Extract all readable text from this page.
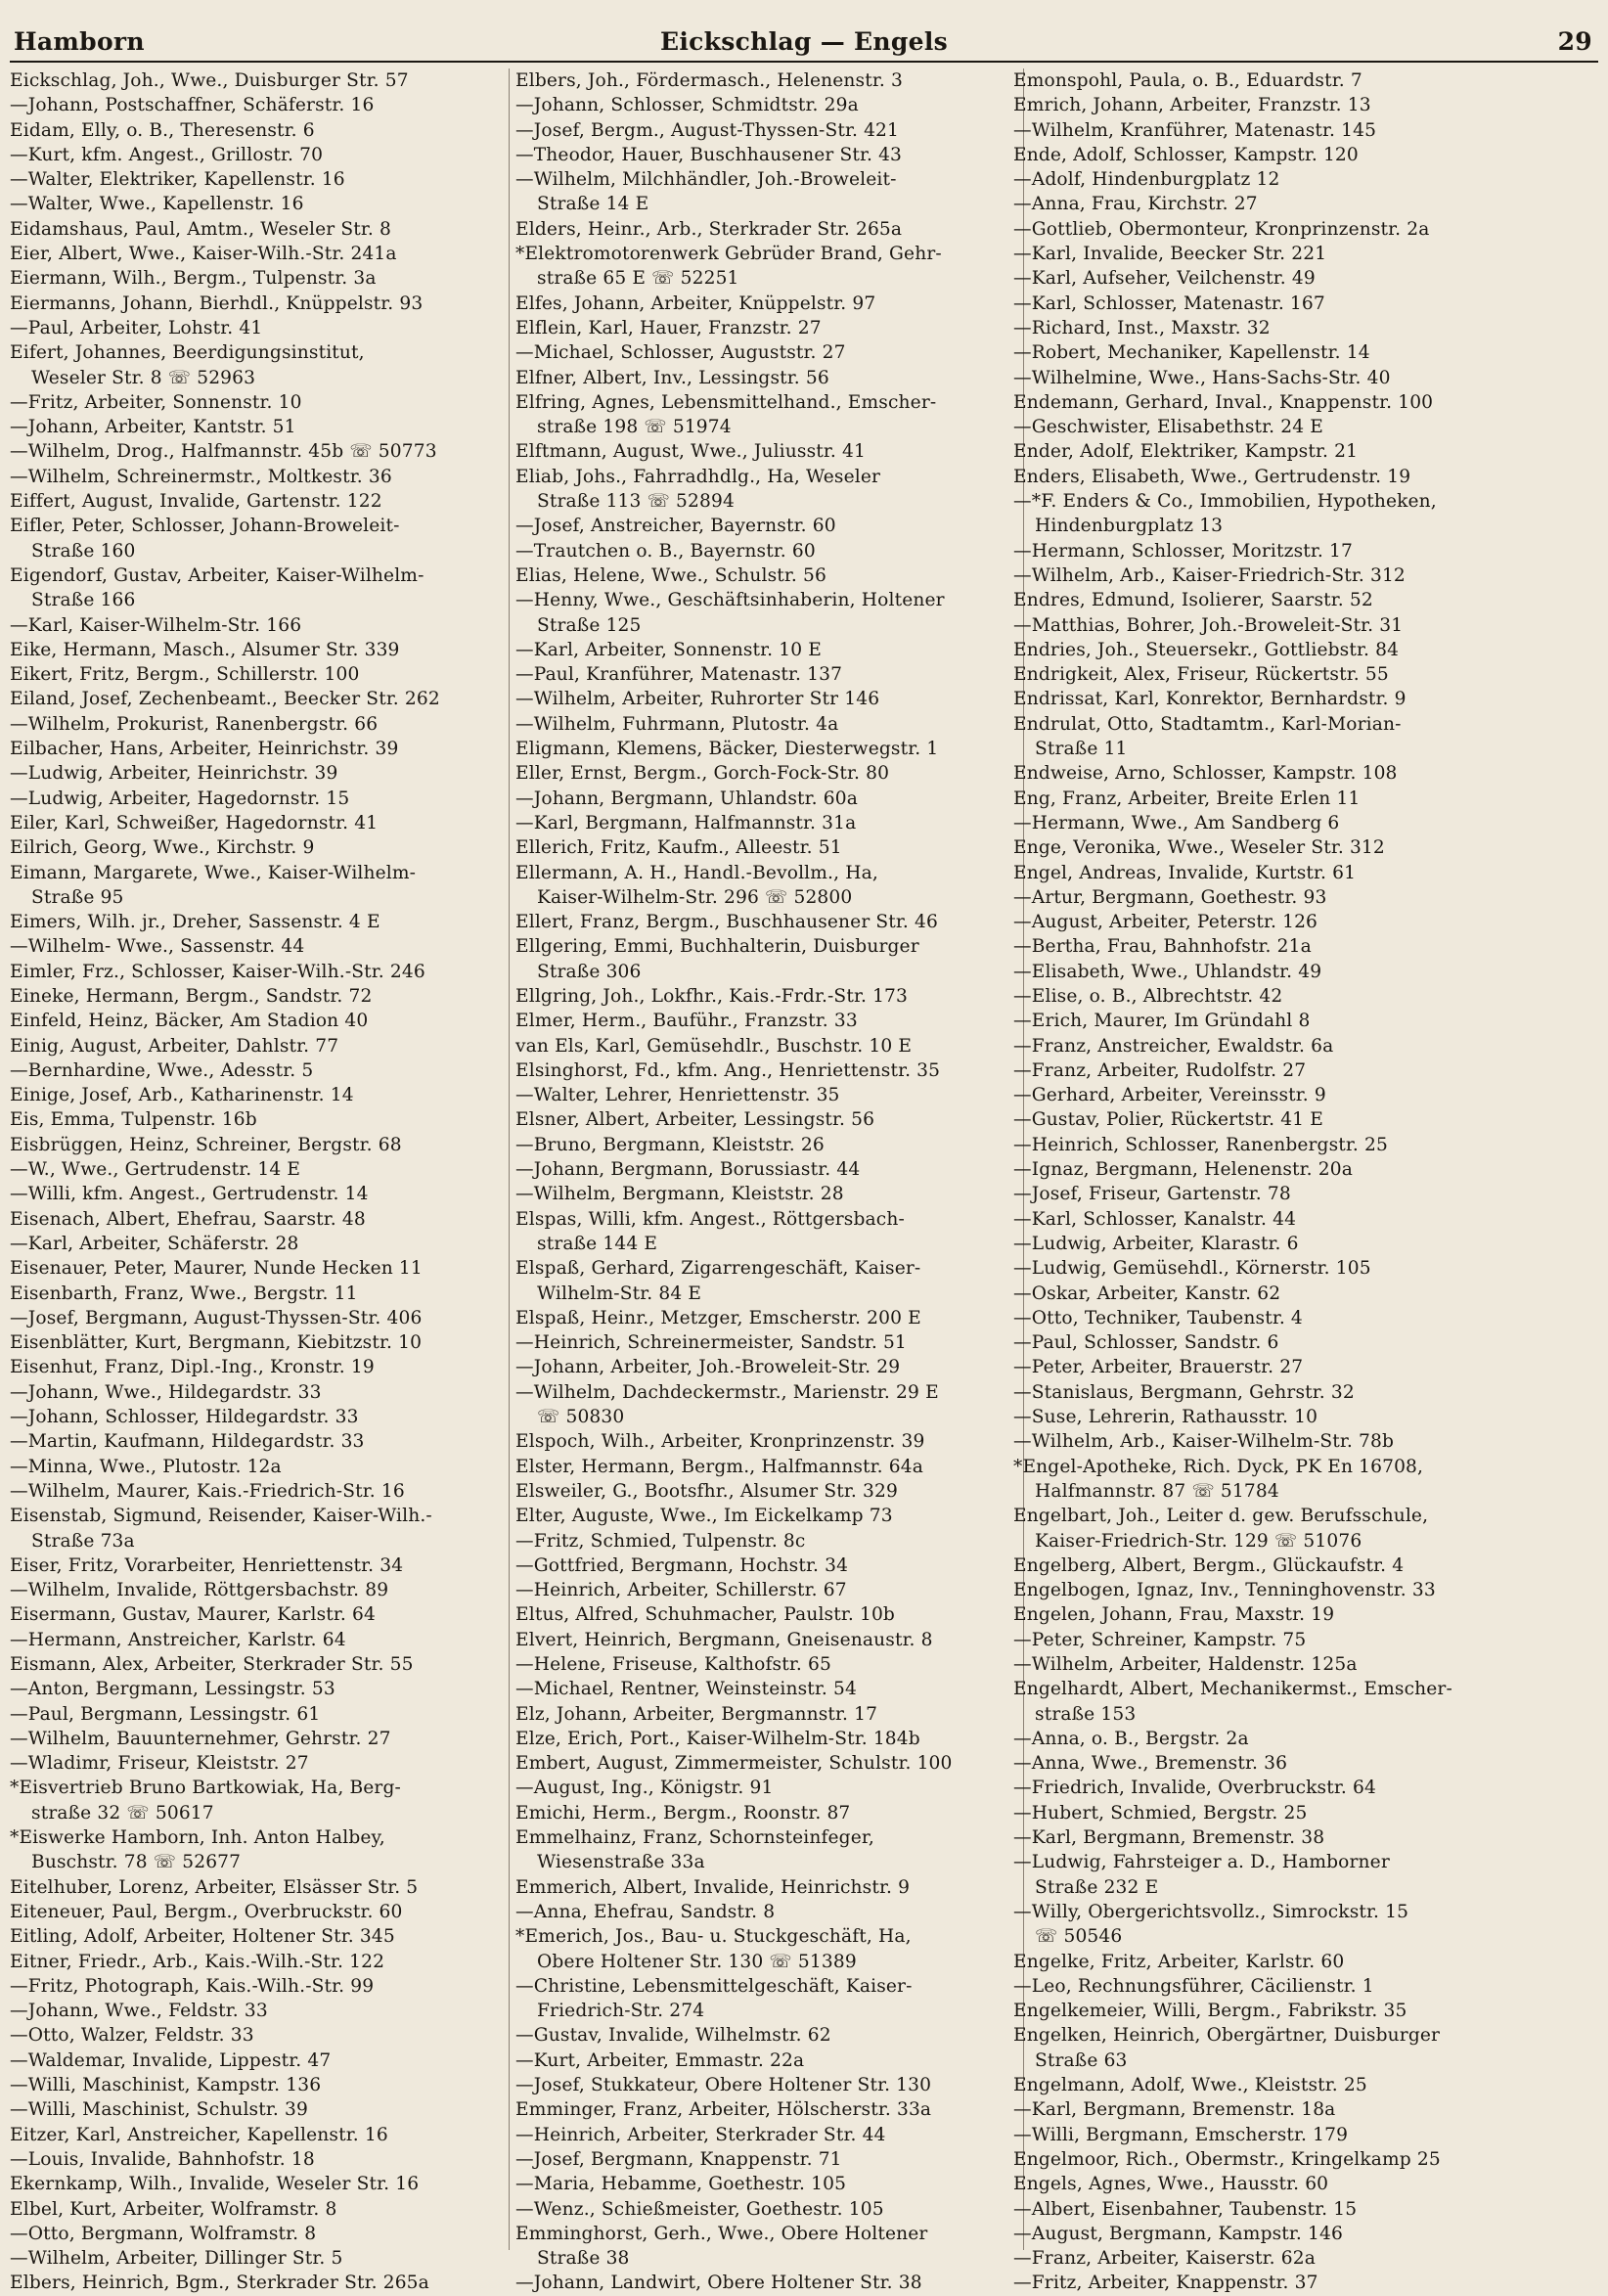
Hamborn	Eickschlag — Engels	29
Eickschlag, Joh., Wwe., Duisburger Str. 57
—Johann, Postschaffner, Schäferstr. 16
Eidam, Elly, o. B., Theresenstr. 6
—Kurt, kfm. Angest., Grillostr. 70
—Walter, Elektriker, Kapellenstr. 16
—Walter, Wwe., Kapellenstr. 16
Eidamshaus, Paul, Amtm., Weseler Str. 8
Eier, Albert, Wwe., Kaiser-Wilh.-Str. 241a
Eiermann, Wilh., Bergm., Tulpenstr. 3a
Eiermanns, Johann, Bierhdl., Knüppelstr. 93
—Paul, Arbeiter, Lohstr. 41
Eifert, Johannes, Beerdigungsinstitut,
Weseler Str. 8 ☏ 52963
—Fritz, Arbeiter, Sonnenstr. 10
—Johann, Arbeiter, Kantstr. 51
—Wilhelm, Drog., Halfmannstr. 45b ☏ 50773
—Wilhelm, Schreinermstr., Moltkestr. 36
Eiffert, August, Invalide, Gartenstr. 122
Eifler, Peter, Schlosser, Johann-Broweleit-
Straße 160
Eigendorf, Gustav, Arbeiter, Kaiser-Wilhelm-
Straße 166
—Karl, Kaiser-Wilhelm-Str. 166
Eike, Hermann, Masch., Alsumer Str. 339
Eikert, Fritz, Bergm., Schillerstr. 100
Eiland, Josef, Zechenbeamt., Beecker Str. 262
—Wilhelm, Prokurist, Ranenbergstr. 66
Eilbacher, Hans, Arbeiter, Heinrichstr. 39
—Ludwig, Arbeiter, Heinrichstr. 39
—Ludwig, Arbeiter, Hagedornstr. 15
Eiler, Karl, Schweißer, Hagedornstr. 41
Eilrich, Georg, Wwe., Kirchstr. 9
Eimann, Margarete, Wwe., Kaiser-Wilhelm-
Straße 95
Eimers, Wilh. jr., Dreher, Sassenstr. 4 E
—Wilhelm- Wwe., Sassenstr. 44
Eimler, Frz., Schlosser, Kaiser-Wilh.-Str. 246
Eineke, Hermann, Bergm., Sandstr. 72
Einfeld, Heinz, Bäcker, Am Stadion 40
Einig, August, Arbeiter, Dahlstr. 77
—Bernhardine, Wwe., Adesstr. 5
Einige, Josef, Arb., Katharinenstr. 14
Eis, Emma, Tulpenstr. 16b
Eisbrüggen, Heinz, Schreiner, Bergstr. 68
—W., Wwe., Gertrudenstr. 14 E
—Willi, kfm. Angest., Gertrudenstr. 14
Eisenach, Albert, Ehefrau, Saarstr. 48
—Karl, Arbeiter, Schäferstr. 28
Eisenauer, Peter, Maurer, Nunde Hecken 11
Eisenbarth, Franz, Wwe., Bergstr. 11
—Josef, Bergmann, August-Thyssen-Str. 406
Eisenblätter, Kurt, Bergmann, Kiebitzstr. 10
Eisenhut, Franz, Dipl.-Ing., Kronstr. 19
—Johann, Wwe., Hildegardstr. 33
—Johann, Schlosser, Hildegardstr. 33
—Martin, Kaufmann, Hildegardstr. 33
—Minna, Wwe., Plutostr. 12a
—Wilhelm, Maurer, Kais.-Friedrich-Str. 16
Eisenstab, Sigmund, Reisender, Kaiser-Wilh.-
Straße 73a
Eiser, Fritz, Vorarbeiter, Henriettenstr. 34
—Wilhelm, Invalide, Röttgersbachstr. 89
Eisermann, Gustav, Maurer, Karlstr. 64
—Hermann, Anstreicher, Karlstr. 64
Eismann, Alex, Arbeiter, Sterkrader Str. 55
—Anton, Bergmann, Lessingstr. 53
—Paul, Bergmann, Lessingstr. 61
—Wilhelm, Bauunternehmer, Gehrstr. 27
—Wladimr, Friseur, Kleiststr. 27
*Eisvertrieb Bruno Bartkowiak, Ha, Berg-
straße 32 ☏ 50617
*Eiswerke Hamborn, Inh. Anton Halbey,
Buschstr. 78 ☏ 52677
Eitelhuber, Lorenz, Arbeiter, Elsässer Str. 5
Eiteneuer, Paul, Bergm., Overbruckstr. 60
Eitling, Adolf, Arbeiter, Holtener Str. 345
Eitner, Friedr., Arb., Kais.-Wilh.-Str. 122
—Fritz, Photograph, Kais.-Wilh.-Str. 99
—Johann, Wwe., Feldstr. 33
—Otto, Walzer, Feldstr. 33
—Waldemar, Invalide, Lippestr. 47
—Willi, Maschinist, Kampstr. 136
—Willi, Maschinist, Schulstr. 39
Eitzer, Karl, Anstreicher, Kapellenstr. 16
—Louis, Invalide, Bahnhofstr. 18
Ekernkamp, Wilh., Invalide, Weseler Str. 16
Elbel, Kurt, Arbeiter, Wolframstr. 8
—Otto, Bergmann, Wolframstr. 8
—Wilhelm, Arbeiter, Dillinger Str. 5
Elbers, Heinrich, Bgm., Sterkrader Str. 265a
Elbers, Joh., Fördermasch., Helenenstr. 3
—Johann, Schlosser, Schmidtstr. 29a
—Josef, Bergm., August-Thyssen-Str. 421
—Theodor, Hauer, Buschhausener Str. 43
—Wilhelm, Milchhändler, Joh.-Broweleit-
Straße 14 E
Elders, Heinr., Arb., Sterkrader Str. 265a
*Elektromotorenwerk Gebrüder Brand, Gehr-
straße 65 E ☏ 52251
Elfes, Johann, Arbeiter, Knüppelstr. 97
Elflein, Karl, Hauer, Franzstr. 27
—Michael, Schlosser, Auguststr. 27
Elfner, Albert, Inv., Lessingstr. 56
Elfring, Agnes, Lebensmittelhand., Emscher-
straße 198 ☏ 51974
Elftmann, August, Wwe., Juliusstr. 41
Eliab, Johs., Fahrradhdlg., Ha, Weseler
Straße 113 ☏ 52894
—Josef, Anstreicher, Bayernstr. 60
—Trautchen o. B., Bayernstr. 60
Elias, Helene, Wwe., Schulstr. 56
—Henny, Wwe., Geschäftsinhaberin, Holtener
Straße 125
—Karl, Arbeiter, Sonnenstr. 10 E
—Paul, Kranführer, Matenastr. 137
—Wilhelm, Arbeiter, Ruhrorter Str 146
—Wilhelm, Fuhrmann, Plutostr. 4a
Eligmann, Klemens, Bäcker, Diesterwegstr. 1
Eller, Ernst, Bergm., Gorch-Fock-Str. 80
—Johann, Bergmann, Uhlandstr. 60a
—Karl, Bergmann, Halfmannstr. 31a
Ellerich, Fritz, Kaufm., Alleestr. 51
Ellermann, A. H., Handl.-Bevollm., Ha,
Kaiser-Wilhelm-Str. 296 ☏ 52800
Ellert, Franz, Bergm., Buschhausener Str. 46
Ellgering, Emmi, Buchhalterin, Duisburger
Straße 306
Ellgring, Joh., Lokfhr., Kais.-Frdr.-Str. 173
Elmer, Herm., Bauführ., Franzstr. 33
van Els, Karl, Gemüsehdlr., Buschstr. 10 E
Elsinghorst, Fd., kfm. Ang., Henriettenstr. 35
—Walter, Lehrer, Henriettenstr. 35
Elsner, Albert, Arbeiter, Lessingstr. 56
—Bruno, Bergmann, Kleiststr. 26
—Johann, Bergmann, Borussiastr. 44
—Wilhelm, Bergmann, Kleiststr. 28
Elspas, Willi, kfm. Angest., Röttgersbach-
straße 144 E
Elspaß, Gerhard, Zigarrengeschäft, Kaiser-
Wilhelm-Str. 84 E
Elspaß, Heinr., Metzger, Emscherstr. 200 E
—Heinrich, Schreinermeister, Sandstr. 51
—Johann, Arbeiter, Joh.-Broweleit-Str. 29
—Wilhelm, Dachdeckermstr., Marienstr. 29 E
☏ 50830
Elspoch, Wilh., Arbeiter, Kronprinzenstr. 39
Elster, Hermann, Bergm., Halfmannstr. 64a
Elsweiler, G., Bootsfhr., Alsumer Str. 329
Elter, Auguste, Wwe., Im Eickelkamp 73
—Fritz, Schmied, Tulpenstr. 8c
—Gottfried, Bergmann, Hochstr. 34
—Heinrich, Arbeiter, Schillerstr. 67
Eltus, Alfred, Schuhmacher, Paulstr. 10b
Elvert, Heinrich, Bergmann, Gneisenaustr. 8
—Helene, Friseuse, Kalthofstr. 65
—Michael, Rentner, Weinsteinstr. 54
Elz, Johann, Arbeiter, Bergmannstr. 17
Elze, Erich, Port., Kaiser-Wilhelm-Str. 184b
Embert, August, Zimmermeister, Schulstr. 100
—August, Ing., Königstr. 91
Emichi, Herm., Bergm., Roonstr. 87
Emmelhainz, Franz, Schornsteinfeger,
Wiesenstraße 33a
Emmerich, Albert, Invalide, Heinrichstr. 9
—Anna, Ehefrau, Sandstr. 8
*Emerich, Jos., Bau- u. Stuckgeschäft, Ha,
Obere Holtener Str. 130 ☏ 51389
—Christine, Lebensmittelgeschäft, Kaiser-
Friedrich-Str. 274
—Gustav, Invalide, Wilhelmstr. 62
—Kurt, Arbeiter, Emmastr. 22a
—Josef, Stukkateur, Obere Holtener Str. 130
Emminger, Franz, Arbeiter, Hölscherstr. 33a
—Heinrich, Arbeiter, Sterkrader Str. 44
—Josef, Bergmann, Knappenstr. 71
—Maria, Hebamme, Goethestr. 105
—Wenz., Schießmeister, Goethestr. 105
Emminghorst, Gerh., Wwe., Obere Holtener
Straße 38
—Johann, Landwirt, Obere Holtener Str. 38
Emonspohl, Paula, o. B., Eduardstr. 7
Emrich, Johann, Arbeiter, Franzstr. 13
—Wilhelm, Kranführer, Matenastr. 145
Ende, Adolf, Schlosser, Kampstr. 120
—Adolf, Hindenburgplatz 12
—Anna, Frau, Kirchstr. 27
—Gottlieb, Obermonteur, Kronprinzenstr. 2a
—Karl, Invalide, Beecker Str. 221
—Karl, Aufseher, Veilchenstr. 49
—Karl, Schlosser, Matenastr. 167
—Richard, Inst., Maxstr. 32
—Robert, Mechaniker, Kapellenstr. 14
—Wilhelmine, Wwe., Hans-Sachs-Str. 40
Endemann, Gerhard, Inval., Knappenstr. 100
—Geschwister, Elisabethstr. 24 E
Ender, Adolf, Elektriker, Kampstr. 21
Enders, Elisabeth, Wwe., Gertrudenstr. 19
—*F. Enders & Co., Immobilien, Hypotheken,
Hindenburgplatz 13
—Hermann, Schlosser, Moritzstr. 17
—Wilhelm, Arb., Kaiser-Friedrich-Str. 312
Endres, Edmund, Isolierer, Saarstr. 52
—Matthias, Bohrer, Joh.-Broweleit-Str. 31
Endries, Joh., Steuersekr., Gottliebstr. 84
Endrigkeit, Alex, Friseur, Rückertstr. 55
Endrissat, Karl, Konrektor, Bernhardstr. 9
Endrulat, Otto, Stadtamtm., Karl-Morian-
Straße 11
Endweise, Arno, Schlosser, Kampstr. 108
Eng, Franz, Arbeiter, Breite Erlen 11
—Hermann, Wwe., Am Sandberg 6
Enge, Veronika, Wwe., Weseler Str. 312
Engel, Andreas, Invalide, Kurtstr. 61
—Artur, Bergmann, Goethestr. 93
—August, Arbeiter, Peterstr. 126
—Bertha, Frau, Bahnhofstr. 21a
—Elisabeth, Wwe., Uhlandstr. 49
—Elise, o. B., Albrechtstr. 42
—Erich, Maurer, Im Gründahl 8
—Franz, Anstreicher, Ewaldstr. 6a
—Franz, Arbeiter, Rudolfstr. 27
—Gerhard, Arbeiter, Vereinsstr. 9
—Gustav, Polier, Rückertstr. 41 E
—Heinrich, Schlosser, Ranenbergstr. 25
—Ignaz, Bergmann, Helenenstr. 20a
—Josef, Friseur, Gartenstr. 78
—Karl, Schlosser, Kanalstr. 44
—Ludwig, Arbeiter, Klarastr. 6
—Ludwig, Gemüsehdl., Körnerstr. 105
—Oskar, Arbeiter, Kanstr. 62
—Otto, Techniker, Taubenstr. 4
—Paul, Schlosser, Sandstr. 6
—Peter, Arbeiter, Brauerstr. 27
—Stanislaus, Bergmann, Gehrstr. 32
—Suse, Lehrerin, Rathausstr. 10
—Wilhelm, Arb., Kaiser-Wilhelm-Str. 78b
*Engel-Apotheke, Rich. Dyck, PK En 16708,
Halfmannstr. 87 ☏ 51784
Engelbart, Joh., Leiter d. gew. Berufsschule,
Kaiser-Friedrich-Str. 129 ☏ 51076
Engelberg, Albert, Bergm., Glückaufstr. 4
Engelbogen, Ignaz, Inv., Tenninghovenstr. 33
Engelen, Johann, Frau, Maxstr. 19
—Peter, Schreiner, Kampstr. 75
—Wilhelm, Arbeiter, Haldenstr. 125a
Engelhardt, Albert, Mechanikermst., Emscher-
straße 153
—Anna, o. B., Bergstr. 2a
—Anna, Wwe., Bremenstr. 36
—Friedrich, Invalide, Overbruckstr. 64
—Hubert, Schmied, Bergstr. 25
—Karl, Bergmann, Bremenstr. 38
—Ludwig, Fahrsteiger a. D., Hamborner
Straße 232 E
—Willy, Obergerichtsvollz., Simrockstr. 15
☏ 50546
Engelke, Fritz, Arbeiter, Karlstr. 60
—Leo, Rechnungsführer, Cäcilienstr. 1
Engelkemeier, Willi, Bergm., Fabrikstr. 35
Engelken, Heinrich, Obergärtner, Duisburger
Straße 63
Engelmann, Adolf, Wwe., Kleiststr. 25
—Karl, Bergmann, Bremenstr. 18a
—Willi, Bergmann, Emscherstr. 179
Engelmoor, Rich., Obermstr., Kringelkamp 25
Engels, Agnes, Wwe., Hausstr. 60
—Albert, Eisenbahner, Taubenstr. 15
—August, Bergmann, Kampstr. 146
—Franz, Arbeiter, Kaiserstr. 62a
—Fritz, Arbeiter, Knappenstr. 37
